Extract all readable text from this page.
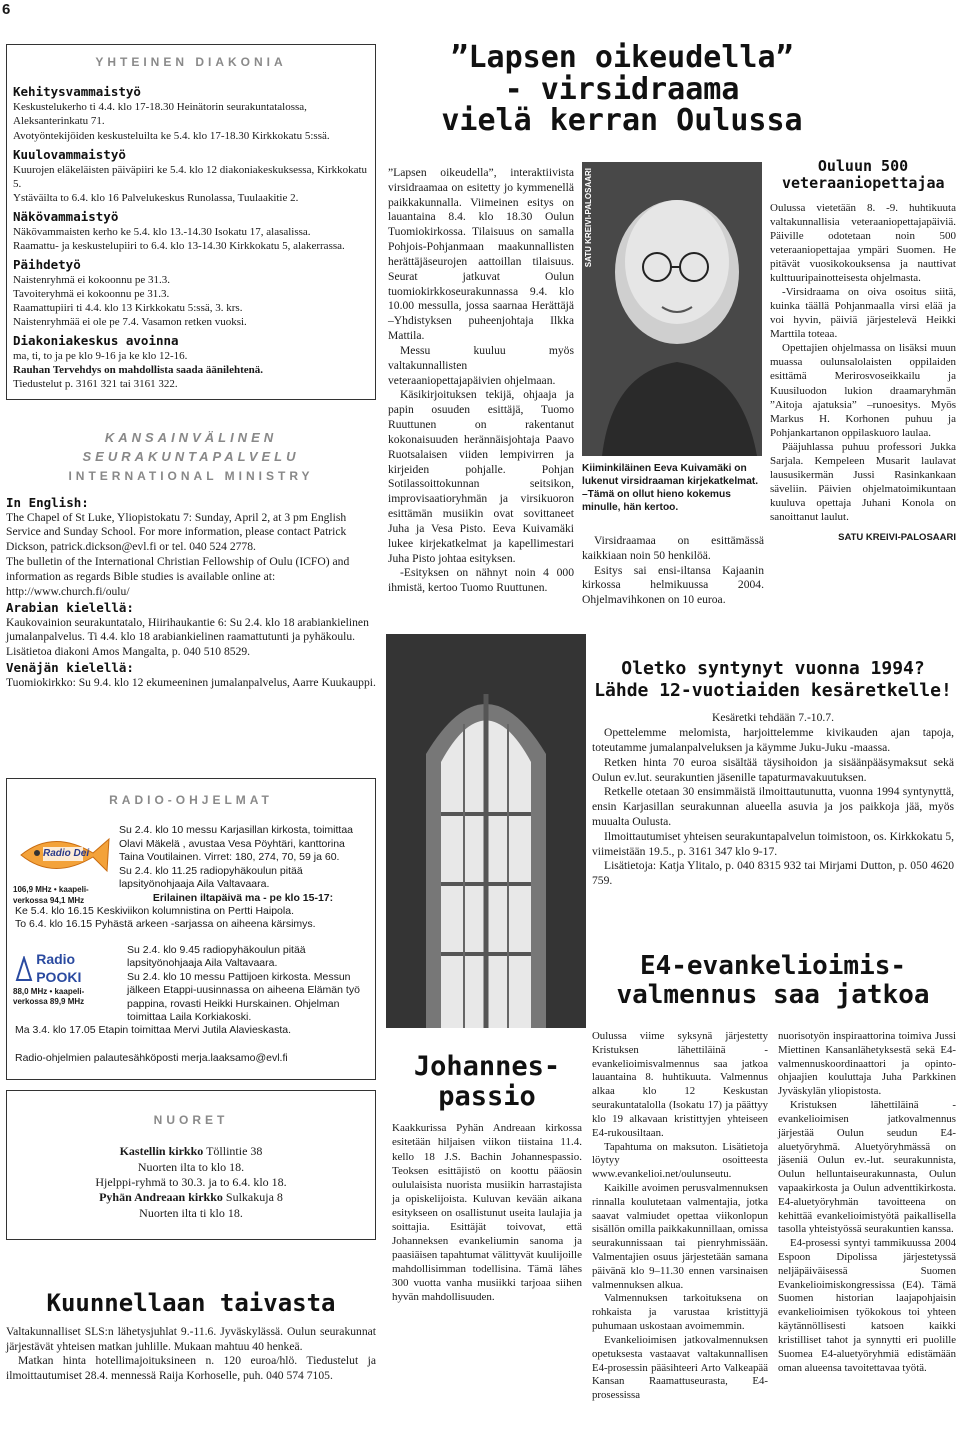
6
YHTEINEN DIAKONIA
Kehitysvammaistyö
Keskustelukerho ti 4.4. klo 17-18.30 Heinätorin seurakuntatalossa, Aleksanterinkatu 71.
Avotyöntekijöiden keskusteluilta ke 5.4. klo 17-18.30 Kirkkokatu 5:ssä.
Kuulovammaistyö
Kuurojen eläkeläisten päiväpiiri ke 5.4. klo 12 diakoniakeskuksessa, Kirkkokatu 5.
Ystäväilta to 6.4. klo 16 Palvelukeskus Runolassa, Tuulaakitie 2.
Näkövammaistyö
Näkövammaisten kerho ke 5.4. klo 13.-14.30 Isokatu 17, alasalissa.
Raamattu- ja keskustelupiiri to 6.4. klo 13-14.30 Kirkkokatu 5, alakerrassa.
Päihdetyö
Naistenryhmä ei kokoonnu pe 31.3.
Tavoiteryhmä ei kokoonnu pe 31.3.
Raamattupiiri ti 4.4. klo 13 Kirkkokatu 5:ssä, 3. krs.
Naistenryhmää ei ole pe 7.4. Vasamon retken vuoksi.
Diakoniakeskus avoinna
ma, ti, to ja pe klo 9-16 ja ke klo 12-16.
Rauhan Tervehdys on mahdollista saada äänilehtenä.
Tiedustelut p. 3161 321 tai 3161 322.
KANSAINVÄLINEN
SEURAKUNTAPALVELU
INTERNATIONAL MINISTRY
In English:

The Chapel of St Luke, Yliopistokatu 7: Sunday, April 2, at 3 pm English Service and Sunday School. For more information, please contact Patrick Dickson, patrick.dickson@evl.fi or tel. 040 524 2778.

The bulletin of the International Christian Fellowship of Oulu (ICFO) and information as regards Bible studies is available online at: http://www.church.fi/oulu/

Arabian kielellä:

Kaukovainion seurakuntatalo, Hiirihaukantie 6: Su 2.4. klo 18 arabiankielinen jumalanpalvelus. Ti 4.4. klo 18 arabiankielinen raamattutunti ja pyhäkoulu. Lisätietoa diakoni Amos Mangalta, p. 040 510 8529.

Venäjän kielellä:

Tuomiokirkko: Su 9.4. klo 12 ekumeeninen jumalanpalvelus, Aarre Kuukauppi.

RADIO-OHJELMAT
Radio Dei
106,9 MHz • kaapeli-
verkossa 94,1 MHz

Su 2.4. klo 10 messu Karjasillan kirkosta, toimittaa Olavi Mäkelä , avustaa Vesa Pöyhtäri, kanttorina Taina Voutilainen. Virret: 180, 274, 70, 59 ja 60.

Su 2.4. klo 11.25 radiopyhäkoulun pitää lapsityönohjaaja Aila Valtavaara.

Erilainen iltapäivä ma - pe klo 15-17:

Ke 5.4. klo 16.15 Keskiviikon kolumnistina on Pertti Haipola.

To 6.4. klo 16.15 Pyhästä arkeen -sarjassa on aiheena kärsimys.

Radio POOKI
88,0 MHz • kaapeli-
verkossa 89,9 MHz

Su 2.4. klo 9.45 radiopyhäkoulun pitää lapsityönohjaaja Aila Valtavaara.

Su 2.4. klo 10 messu Pattijoen kirkosta. Messun jälkeen Etappi-uusinnassa on aiheena Elämän työ pappina, rovasti Heikki Hurskainen. Ohjelman toimittaa Laila Korkiakoski.

Ma 3.4. klo 17.05 Etapin toimittaa Mervi Jutila Alavieskasta.

Radio-ohjelmien palautesähköposti merja.laaksamo@evl.fi

NUORET
Kastellin kirkko Töllintie 38
Nuorten ilta to klo 18.
Hjelppi-ryhmä to 30.3. ja to 6.4. klo 18.
Pyhän Andreaan kirkko Sulkakuja 8
Nuorten ilta ti klo 18.
Kuunnellaan taivasta

Valtakunnalliset SLS:n lähetysjuhlat 9.-11.6. Jyväskylässä. Oulun seurakunnat järjestävät yhteisen matkan juhlille. Mukaan mahtuu 40 henkeä.

Matkan hinta hotellimajoituksineen n. 120 euroa/hlö. Tiedustelut ja ilmoittautumiset 28.4. mennessä Raija Korhoselle, puh. 040 574 7105.

”Lapsen oikeudella”
- virsidraama
vielä kerran Oulussa

”Lapsen oikeudella”, interaktiivista virsidraamaa on esitetty jo kymmenellä paikkakunnalla. Viimeinen esitys on lauantaina 8.4. klo 18.30 Oulun Tuomiokirkossa. Tilaisuus on samalla Pohjois-Pohjanmaan maakunnallisten herättäjäseurojen aattoillan tilaisuus. Seurat jatkuvat Oulun tuomiokirkkoseurakunnassa 9.4. klo 10.00 messulla, jossa saarnaa Herättäjä –Yhdistyksen puheenjohtaja Ilkka Mattila.

Messu kuuluu myös valtakunnallisten veteraaniopettajapäivien ohjelmaan.

Käsikirjoituksen tekijä, ohjaaja ja papin osuuden esittäjä, Tuomo Ruuttunen on rakentanut kokonaisuuden herännäisjohtaja Paavo Ruotsalaisen viiden lempivirren ja kirjeiden pohjalle. Pohjan Sotilassoittokunnan seitsikon, improvisaatioryhmän ja virsikuoron esittämän musiikin ovat sovittaneet Juha ja Vesa Pisto. Eeva Kuivamäki lukee kirjekatkelmat ja kapellimestari Juha Pisto johtaa esityksen.

-Esityksen on nähnyt noin 4 000 ihmistä, kertoo Tuomo Ruuttunen.

SATU KREIVI-PALOSAARI
Kiiminkiläinen Eeva Kuivamäki on lukenut virsidraaman kirjekatkelmat. –Tämä on ollut hieno kokemus minulle, hän kertoo.

Virsidraamaa on esittämässä kaikkiaan noin 50 henkilöä.

Esitys sai ensi-iltansa Kajaanin kirkossa helmikuussa 2004. Ohjelmavihkonen on 10 euroa.

Ouluun 500 veteraaniopettajaa

Oulussa vietetään 8. -9. huhtikuuta valtakunnallisia veteraaniopettajapäiviä. Päiville odotetaan noin 500 veteraaniopettajaa ympäri Suomen. He pitävät vuosikokouksensa ja nauttivat kulttuuripainotteisesta ohjelmasta.

-Virsidraama on oiva osoitus siitä, kuinka täällä Pohjanmaalla virsi elää ja voi hyvin, päiviä järjestelevä Heikki Marttila toteaa.

Opettajien ohjelmassa on lisäksi muun muassa oulunsalolaisten oppilaiden esittämä Merirosvoseikkailu ja Kuusiluodon lukion draamaryhmän ”Aitoja ajatuksia” –runoesitys. Myös Markus H. Korhonen puhuu ja Pohjankartanon oppilaskuoro laulaa.

Pääjuhlassa puhuu professori Jukka Sarjala. Kempeleen Musarit laulavat laususikermän Jussi Rasinkankaan säveliin. Päivien ohjelmatoimikuntaan kuuluva opettaja Juhani Konola on sanoittanut laulut.

SATU KREIVI-PALOSAARI
Oletko syntynyt vuonna 1994?
Lähde 12-vuotiaiden kesäretkelle!
Kesäretki tehdään 7.-10.7.

Opettelemme melomista, harjoittelemme kivikauden ajan tapoja, toteutamme jumalanpalveluksen ja käymme Juku-Juku -maassa.

Retken hinta 70 euroa sisältää täysihoidon ja sisäänpääsymaksut sekä Oulun ev.lut. seurakuntien jäsenille tapaturmavakuutuksen.

Retkelle otetaan 30 ensimmäistä ilmoittautunutta, vuonna 1994 syntynyttä, ensin Karjasillan seurakunnan alueella asuvia ja jos paikkoja jää, myös muualta Oulusta.

Ilmoittautumiset yhteisen seurakuntapalvelun toimistoon, os. Kirkkokatu 5, viimeistään 19.5., p. 3161 347 klo 9-17.

Lisätietoja: Katja Ylitalo, p. 040 8315 932 tai Mirjami Dutton, p. 050 4620 759.

E4-evankelioimis-
valmennus saa jatkoa

Oulussa viime syksynä järjestetty Kristuksen lähettiläinä -evankelioimisvalmennus saa jatkoa lauantaina 8. huhtikuuta. Valmennus alkaa klo 12 Keskustan seurakuntatalolla (Isokatu 17) ja päättyy klo 19 alkavaan kristittyjen yhteiseen E4-rukousiltaan.

Tapahtuma on maksuton. Lisätietoja löytyy osoitteesta www.evankelioi.net/oulunseutu.

Kaikille avoimen perusvalmennuksen rinnalla koulutetaan valmentajia, jotka saavat valmiudet opettaa viikonlopun sisällön omilla paikkakunnillaan, omissa seurakunnissaan tai pienryhmissään. Valmentajien osuus järjestetään samana päivänä klo 9–11.30 ennen varsinaisen valmennuksen alkua.

Valmennuksen tarkoituksena on rohkaista ja varustaa kristittyjä puhumaan uskostaan avoimemmin.

Evankelioimisen jatkovalmennuksen opetuksesta vastaavat valtakunnallisen E4-prosessin pääsihteeri Arto Valkeapää Kansan Raamattuseurasta, E4-prosessissa

nuorisotyön inspiraattorina toimiva Jussi Miettinen Kansanlähetyksestä sekä E4-valmennuskoordinaattori ja opinto-ohjaajien kouluttaja Juha Parkkinen Jyväskylän yliopistosta.

Kristuksen lähettiläinä -evankelioimisen jatkovalmennus järjestää Oulun seudun E4-aluetyöryhmä. Aluetyöryhmässä on jäseniä Oulun ev.-lut. seurakunnista, Oulun helluntaiseurakunnasta, Oulun vapaakirkosta ja Oulun adventtikirkosta. E4-aluetyöryhmän tavoitteena on kehittää evankelioimistyötä paikallisella tasolla yhteistyössä seurakuntien kanssa.

E4-prosessi syntyi tammikuussa 2004 Espoon Dipolissa järjestetyssä neljäpäiväisessä Suomen Evankelioimiskongressissa (E4). Tämä Suomen historian laajapohjaisin evankelioimisen työkokous toi yhteen käytännöllisesti katsoen kaikki kristilliset tahot ja synnytti eri puolille Suomea E4-aluetyöryhmiä edistämään oman alueensa tavoitettavaa työtä.

Johannes-
passio

Kaakkurissa Pyhän Andreaan kirkossa esitetään hiljaisen viikon tiistaina 11.4. kello 18 J.S. Bachin Johannespassio. Teoksen esittäjistö on koottu pääosin oululaisista nuorista musiikin harrastajista ja opiskelijoista. Kuluvan kevään aikana esitykseen on osallistunut useita laulajia ja soittajia. Esittäjät toivovat, että Johanneksen evankeliumin sanoma ja paasiäisen tapahtumat välittyvät kuulijoille mahdollisimman todellisina. Tämä lähes 300 vuotta vanha musiikki tarjoaa siihen hyvän mahdollisuuden.
